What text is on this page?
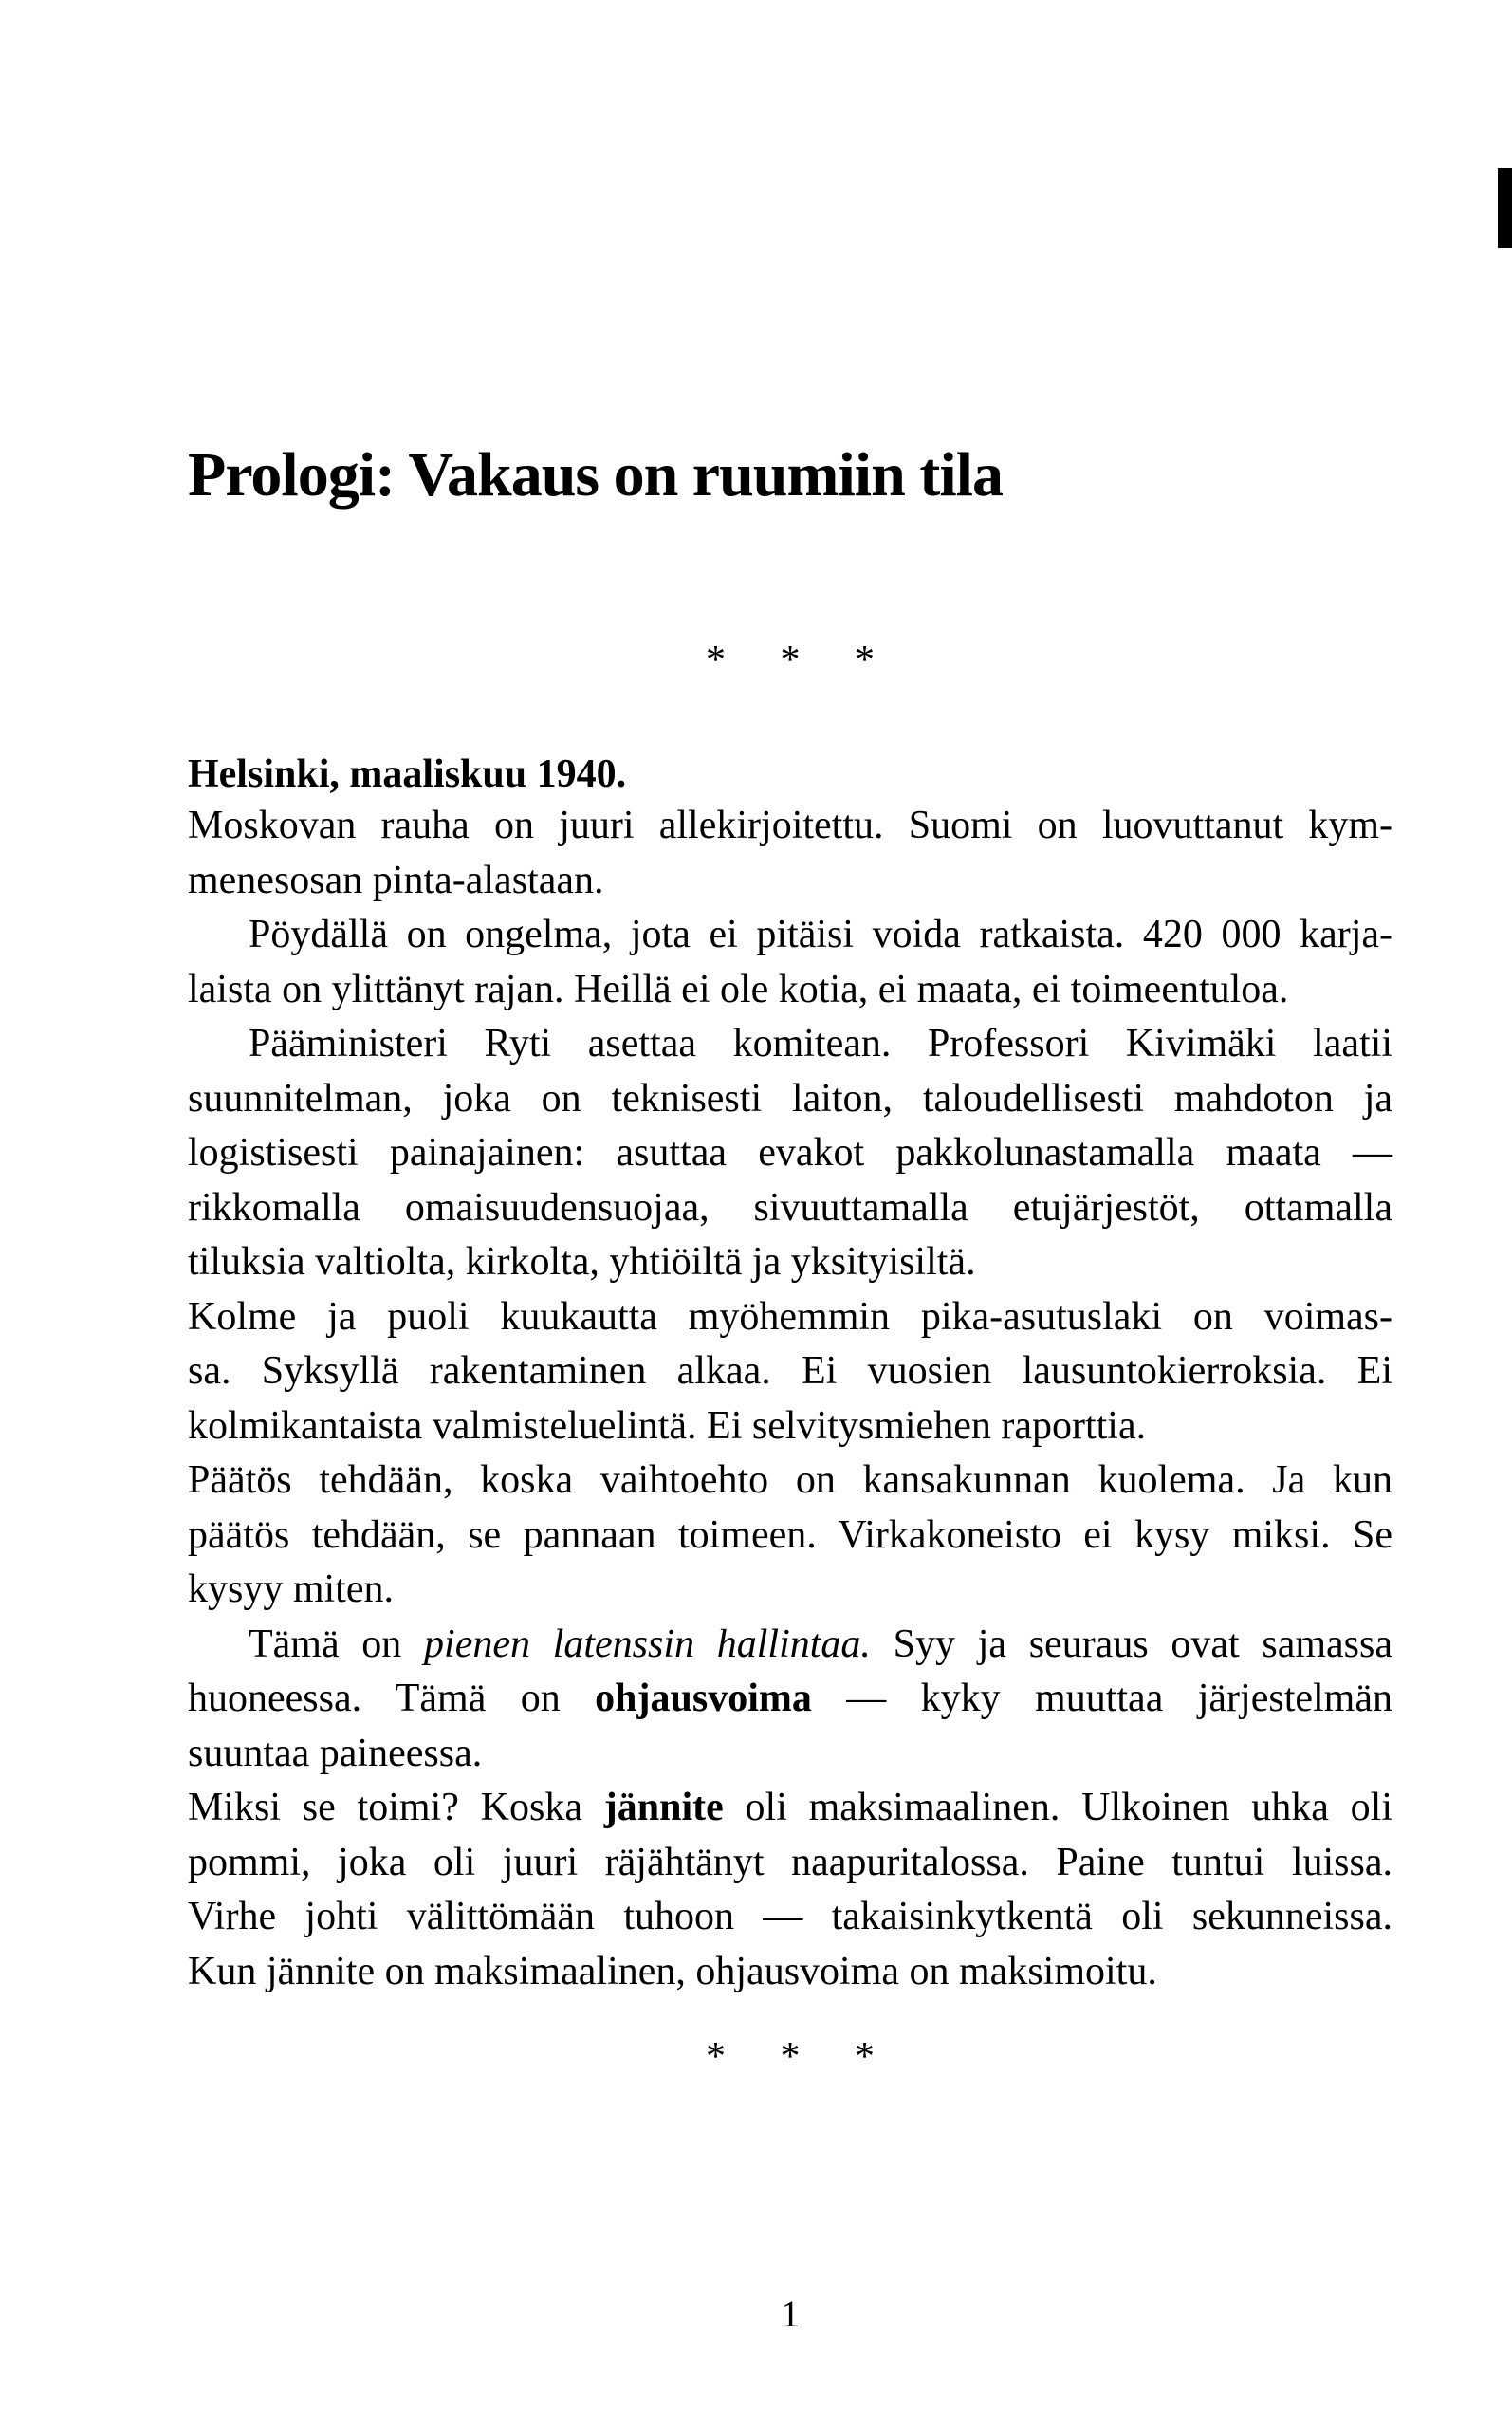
Prologi: Vakaus on ruumiin tila
* * *
Helsinki, maaliskuu 1940.
Moskovan rauha on juuri allekirjoitettu. Suomi on luovuttanut kym-
menesosan pinta-alastaan.
Pöydällä on ongelma, jota ei pitäisi voida ratkaista. 420 000 karja-
laista on ylittänyt rajan. Heillä ei ole kotia, ei maata, ei toimeentuloa.
Pääministeri Ryti asettaa komitean. Professori Kivimäki laatii
suunnitelman, joka on teknisesti laiton, taloudellisesti mahdoton ja
logistisesti painajainen: asuttaa evakot pakkolunastamalla maata —
rikkomalla omaisuudensuojaa, sivuuttamalla etujärjestöt, ottamalla
tiluksia valtiolta, kirkolta, yhtiöiltä ja yksityisiltä.
Kolme ja puoli kuukautta myöhemmin pika-asutuslaki on voimas-
sa. Syksyllä rakentaminen alkaa. Ei vuosien lausuntokierroksia. Ei
kolmikantaista valmisteluelintä. Ei selvitysmiehen raporttia.
Päätös tehdään, koska vaihtoehto on kansakunnan kuolema. Ja kun
päätös tehdään, se pannaan toimeen. Virkakoneisto ei kysy miksi. Se
kysyy miten.
Tämä on pienen latenssin hallintaa. Syy ja seuraus ovat samassa
huoneessa. Tämä on ohjausvoima — kyky muuttaa järjestelmän
suuntaa paineessa.
Miksi se toimi? Koska jännite oli maksimaalinen. Ulkoinen uhka oli
pommi, joka oli juuri räjähtänyt naapuritalossa. Paine tuntui luissa.
Virhe johti välittömään tuhoon — takaisinkytkentä oli sekunneissa.
Kun jännite on maksimaalinen, ohjausvoima on maksimoitu.
* * *
1
